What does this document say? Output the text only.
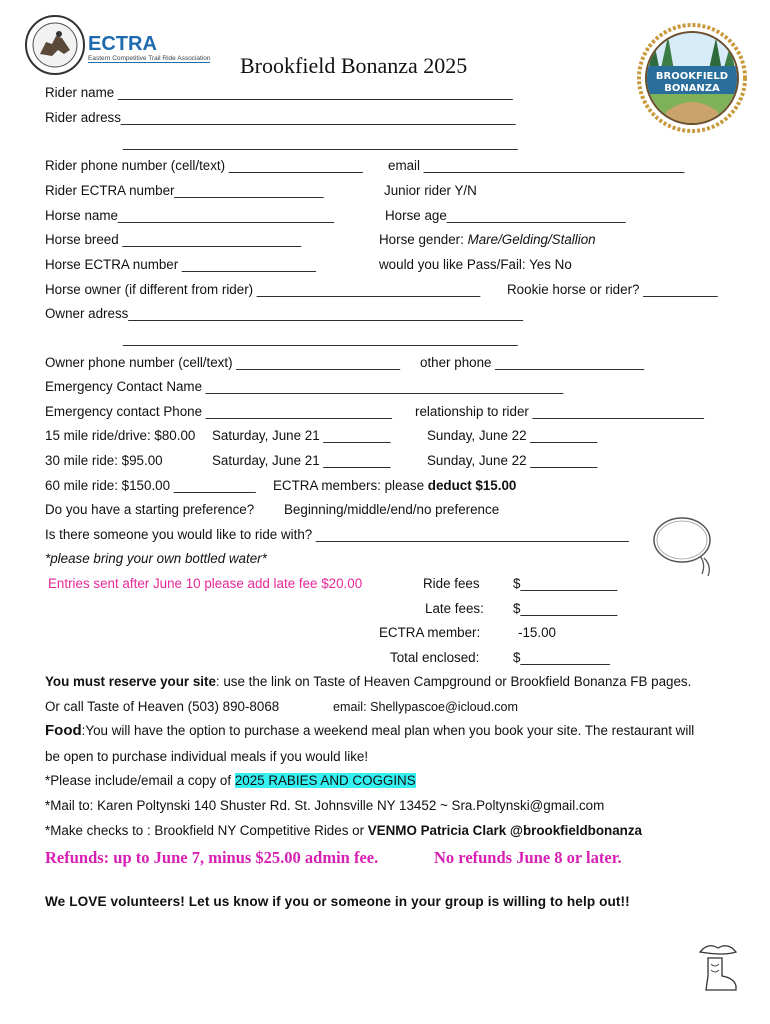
ECTRA
Eastern Competitive Trail Ride Association Brookfield Bonanza 2025	BROOKFIELD
BONANZA
Rider name _____________________________________________________
Rider adress_____________________________________________________
_____________________________________________________
Rider phone number (cell/text) __________________ email ___________________________________
Rider ECTRA number____________________	Junior rider Y/N
Horse name_____________________________	Horse age________________________
Horse breed ________________________	Horse gender: Mare/Gelding/Stallion
Horse ECTRA number __________________	would you like Pass/Fail: Yes No
Horse owner (if different from rider) ______________________________ Rookie horse or rider? __________
Owner adress_____________________________________________________
_____________________________________________________
Owner phone number (cell/text) ______________________ other phone ____________________
Emergency Contact Name ________________________________________________
Emergency contact Phone _________________________ relationship to rider _______________________
15 mile ride/drive: $80.00 Saturday, June 21 _________	Sunday, June 22 _________
30 mile ride: $95.00	Saturday, June 21 _________	Sunday, June 22 _________
60 mile ride: $150.00 ___________ ECTRA members: please deduct $15.00
Do you have a starting preference? Beginning/middle/end/no preference
Is there someone you would like to ride with? __________________________________________
*please bring your own bottled water*
Entries sent after June 10 please add late fee $20.00	Ride fees $_____________
Late fees: $_____________
ECTRA member:	-15.00
Total enclosed:	$____________
You must reserve your site: use the link on Taste of Heaven Campground or Brookfield Bonanza FB pages.
Or call Taste of Heaven (503) 890-8068	email: Shellypascoe@icloud.com
Food:You will have the option to purchase a weekend meal plan when you book your site. The restaurant will
be open to purchase individual meals if you would like!
*Please include/email a copy of 2025 RABIES AND COGGINS
*Mail to: Karen Poltynski 140 Shuster Rd. St. Johnsville NY 13452 ~ Sra.Poltynski@gmail.com
*Make checks to : Brookfield NY Competitive Rides or VENMO Patricia Clark @brookfieldbonanza
Refunds: up to June 7, minus $25.00 admin fee.	No refunds June 8 or later.
We LOVE volunteers! Let us know if you or someone in your group is willing to help out!!
